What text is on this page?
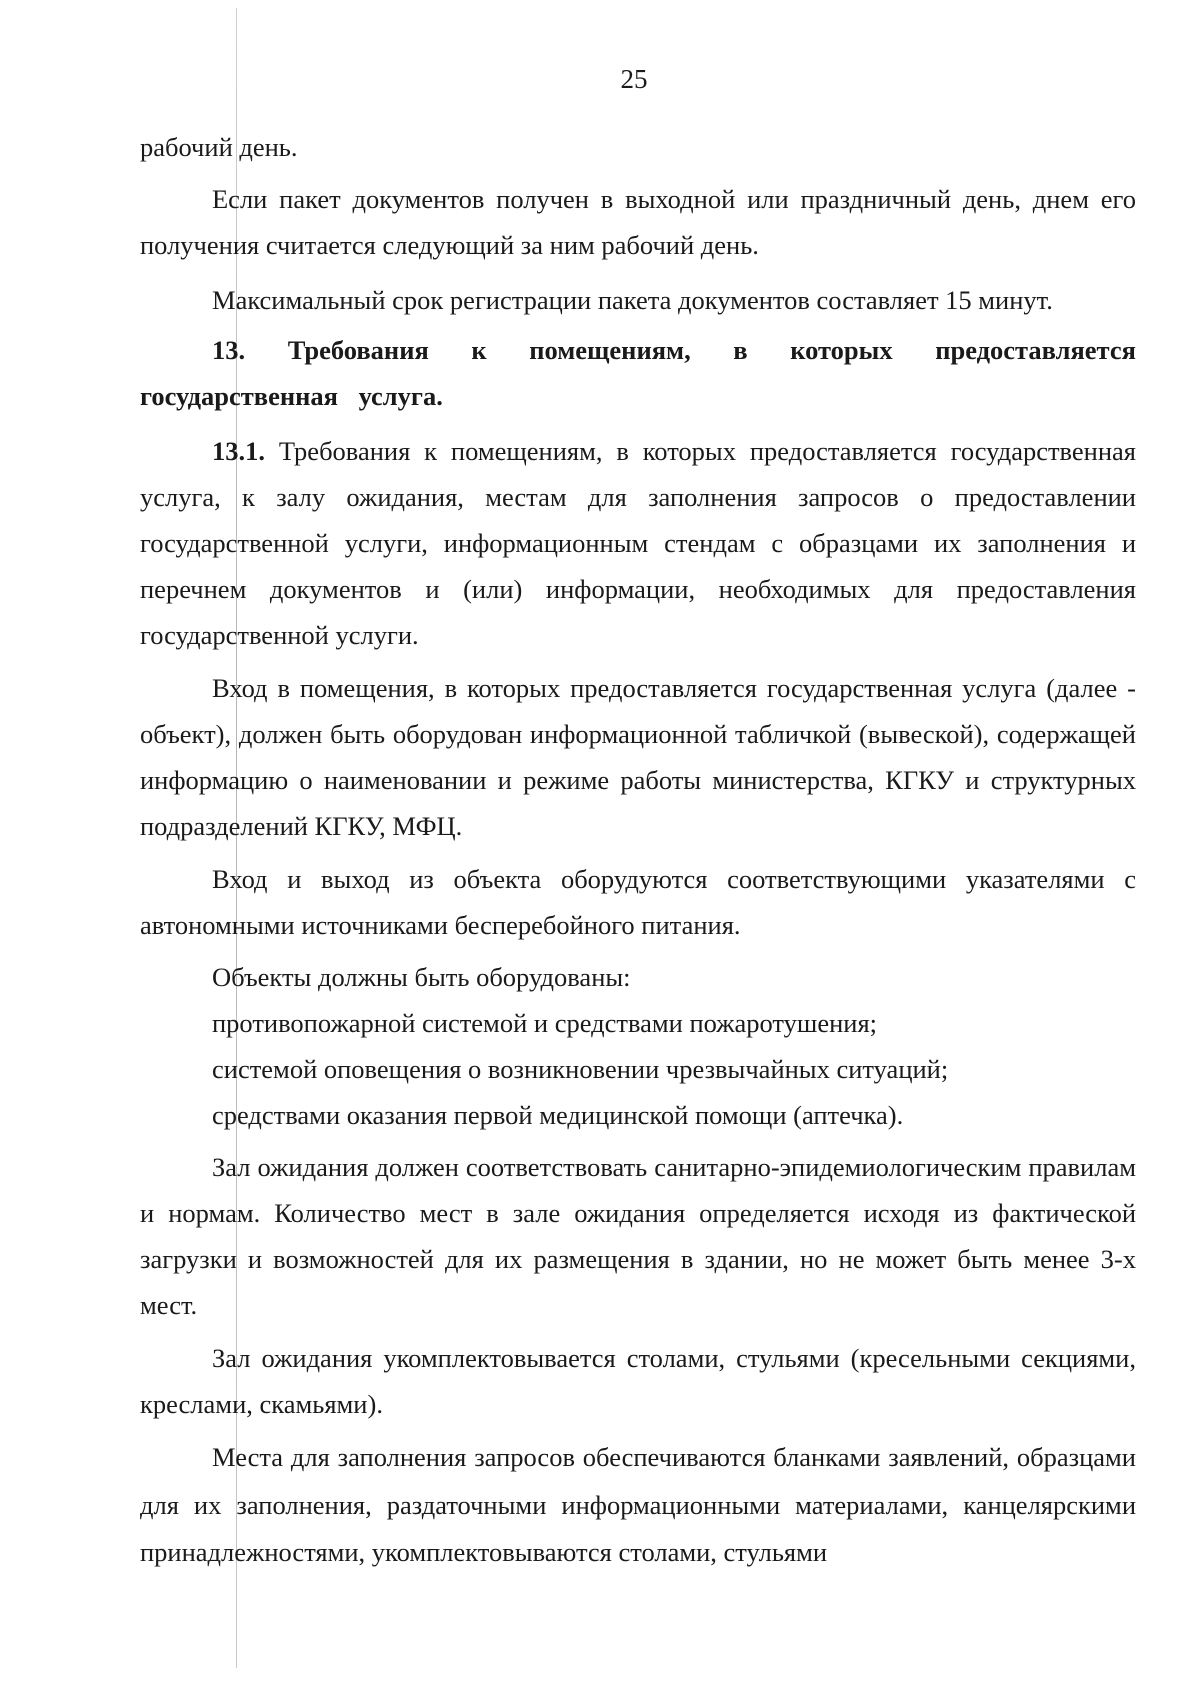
25

рабочий день.

Если пакет документов получен в выходной или праздничный день, днем его получения считается следующий за ним рабочий день.

Максимальный срок регистрации пакета документов составляет 15 минут.

13. Требования к помещениям, в которых предоставляется государственная услуга.

13.1. Требования к помещениям, в которых предоставляется государственная услуга, к залу ожидания, местам для заполнения запросов о предоставлении государственной услуги, информационным стендам с образцами их заполнения и перечнем документов и (или) информации, необходимых для предоставления государственной услуги.

Вход в помещения, в которых предоставляется государственная услуга (далее - объект), должен быть оборудован информационной табличкой (вывеской), содержащей информацию о наименовании и режиме работы министерства, КГКУ и структурных подразделений КГКУ, МФЦ.

Вход и выход из объекта оборудуются соответствующими указателями с автономными источниками бесперебойного питания.

Объекты должны быть оборудованы:

противопожарной системой и средствами пожаротушения;

системой оповещения о возникновении чрезвычайных ситуаций;

средствами оказания первой медицинской помощи (аптечка).

Зал ожидания должен соответствовать санитарно-эпидемиологическим правилам и нормам. Количество мест в зале ожидания определяется исходя из фактической загрузки и возможностей для их размещения в здании, но не может быть менее 3-х мест.

Зал ожидания укомплектовывается столами, стульями (кресельными секциями, креслами, скамьями).

Места для заполнения запросов обеспечиваются бланками заявлений, образцами для их заполнения, раздаточными информационными материалами, канцелярскими принадлежностями, укомплектовываются столами, стульями
